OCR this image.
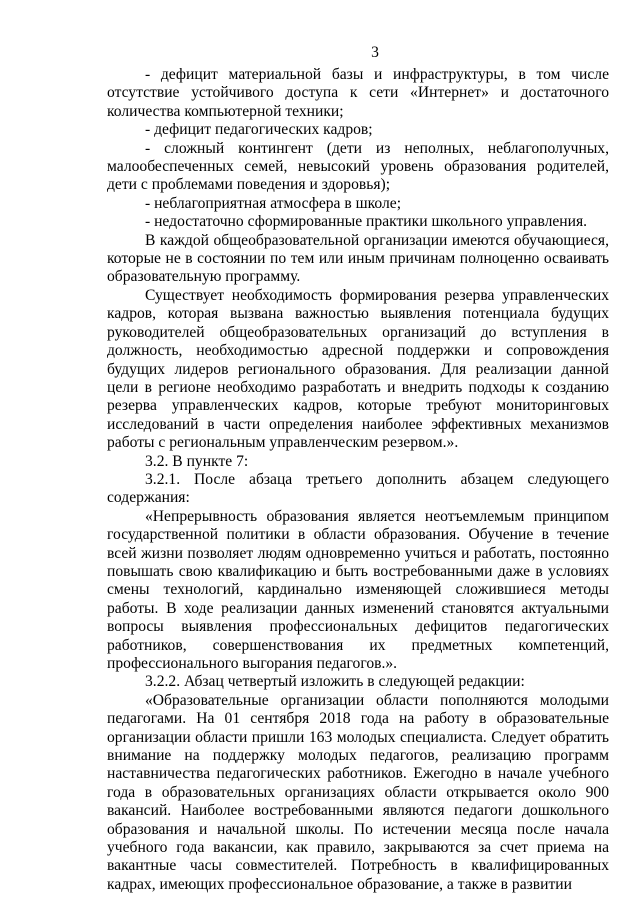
3

- дефицит материальной базы и инфраструктуры, в том числе отсутствие устойчивого доступа к сети «Интернет» и достаточного количества компьютерной техники;

- дефицит педагогических кадров;

- сложный контингент (дети из неполных, неблагополучных, малообеспеченных семей, невысокий уровень образования родителей, дети с проблемами поведения и здоровья);

- неблагоприятная атмосфера в школе;

- недостаточно сформированные практики школьного управления.

В каждой общеобразовательной организации имеются обучающиеся, которые не в состоянии по тем или иным причинам полноценно осваивать образовательную программу.

Существует необходимость формирования резерва управленческих кадров, которая вызвана важностью выявления потенциала будущих руководителей общеобразовательных организаций до вступления в должность, необходимостью адресной поддержки и сопровождения будущих лидеров регионального образования. Для реализации данной цели в регионе необходимо разработать и внедрить подходы к созданию резерва управленческих кадров, которые требуют мониторинговых исследований в части определения наиболее эффективных механизмов работы с региональным управленческим резервом.».

3.2. В пункте 7:

3.2.1. После абзаца третьего дополнить абзацем следующего содержания:

«Непрерывность образования является неотъемлемым принципом государственной политики в области образования. Обучение в течение всей жизни позволяет людям одновременно учиться и работать, постоянно повышать свою квалификацию и быть востребованными даже в условиях смены технологий, кардинально изменяющей сложившиеся методы работы. В ходе реализации данных изменений становятся актуальными вопросы выявления профессиональных дефицитов педагогических работников, совершенствования их предметных компетенций, профессионального выгорания педагогов.».

3.2.2. Абзац четвертый изложить в следующей редакции:

«Образовательные организации области пополняются молодыми педагогами. На 01 сентября 2018 года на работу в образовательные организации области пришли 163 молодых специалиста. Следует обратить внимание на поддержку молодых педагогов, реализацию программ наставничества педагогических работников. Ежегодно в начале учебного года в образовательных организациях области открывается около 900 вакансий. Наиболее востребованными являются педагоги дошкольного образования и начальной школы. По истечении месяца после начала учебного года вакансии, как правило, закрываются за счет приема на вакантные часы совместителей. Потребность в квалифицированных кадрах, имеющих профессиональное образование, а также в развитии
